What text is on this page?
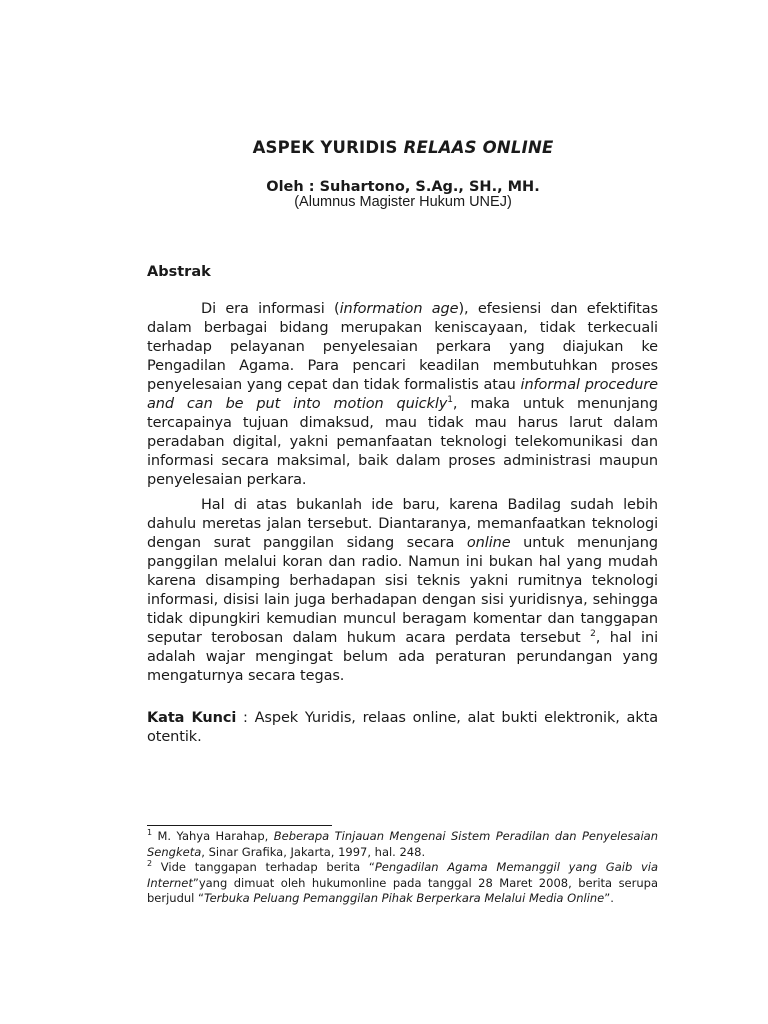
ASPEK YURIDIS RELAAS ONLINE
Oleh : Suhartono, S.Ag., SH., MH.
(Alumnus Magister Hukum UNEJ)
Abstrak
Di era informasi (information age), efesiensi dan efektifitas dalam berbagai bidang merupakan keniscayaan, tidak terkecuali terhadap pelayanan penyelesaian perkara yang diajukan ke Pengadilan Agama. Para pencari keadilan membutuhkan proses penyelesaian yang cepat dan tidak formalistis atau informal procedure and can be put into motion quickly$^1$, maka untuk menunjang tercapainya tujuan dimaksud, mau tidak mau harus larut dalam peradaban digital, yakni pemanfaatan teknologi telekomunikasi dan informasi secara maksimal, baik dalam proses administrasi maupun penyelesaian perkara.
Hal di atas bukanlah ide baru, karena Badilag sudah lebih dahulu meretas jalan tersebut. Diantaranya, memanfaatkan teknologi dengan surat panggilan sidang secara online untuk menunjang panggilan melalui koran dan radio. Namun ini bukan hal yang mudah karena disamping berhadapan sisi teknis yakni rumitnya teknologi informasi, disisi lain juga berhadapan dengan sisi yuridisnya, sehingga tidak dipungkiri kemudian muncul beragam komentar dan tanggapan seputar terobosan dalam hukum acara perdata tersebut $^2$, hal ini adalah wajar mengingat belum ada peraturan perundangan yang mengaturnya secara tegas.
Kata Kunci : Aspek Yuridis, relaas online, alat bukti elektronik, akta otentik.
$^1$ M. Yahya Harahap, Beberapa Tinjauan Mengenai Sistem Peradilan dan Penyelesaian Sengketa, Sinar Grafika, Jakarta, 1997, hal. 248.
$^2$ Vide tanggapan terhadap berita “Pengadilan Agama Memanggil yang Gaib via Internet”yang dimuat oleh hukumonline pada tanggal 28 Maret 2008, berita serupa berjudul “Terbuka Peluang Pemanggilan Pihak Berperkara Melalui Media Online”.
